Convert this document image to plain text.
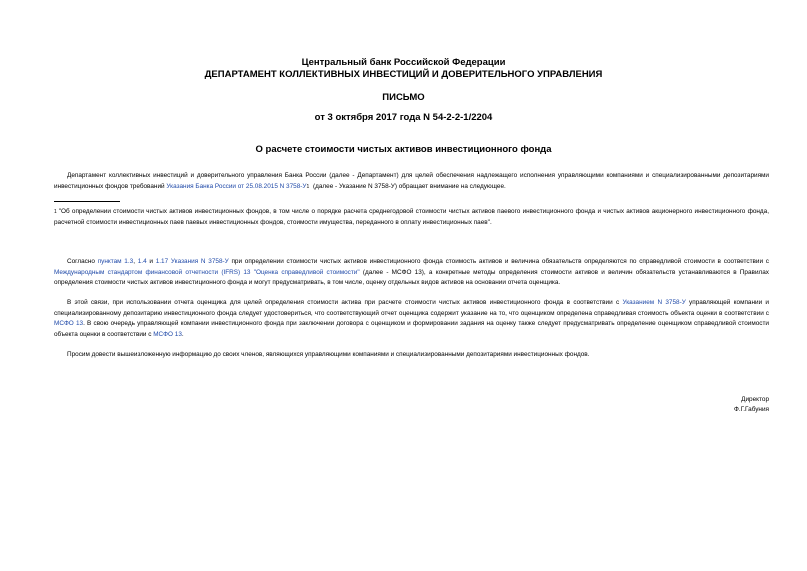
Центральный банк Российской Федерации
ДЕПАРТАМЕНТ КОЛЛЕКТИВНЫХ ИНВЕСТИЦИЙ И ДОВЕРИТЕЛЬНОГО УПРАВЛЕНИЯ
ПИСЬМО
от 3 октября 2017 года N 54-2-2-1/2204
О расчете стоимости чистых активов инвестиционного фонда
Департамент коллективных инвестиций и доверительного управления Банка России (далее - Департамент) для целей обеспечения надлежащего исполнения управляющими компаниями и специализированными депозитариями инвестиционных фондов требований Указания Банка России от 25.08.2015 N 3758-У$^1$ (далее - Указание N 3758-У) обращает внимание на следующее.
$^1$ "Об определении стоимости чистых активов инвестиционных фондов, в том числе о порядке расчета среднегодовой стоимости чистых активов паевого инвестиционного фонда и чистых активов акционерного инвестиционного фонда, расчетной стоимости инвестиционных паев паевых инвестиционных фондов, стоимости имущества, переданного в оплату инвестиционных паев".
Согласно пунктам 1.3, 1.4 и 1.17 Указания N 3758-У при определении стоимости чистых активов инвестиционного фонда стоимость активов и величина обязательств определяются по справедливой стоимости в соответствии с Международным стандартом финансовой отчетности (IFRS) 13 "Оценка справедливой стоимости" (далее - МСФО 13), а конкретные методы определения стоимости активов и величин обязательств устанавливаются в Правилах определения стоимости чистых активов инвестиционного фонда и могут предусматривать, в том числе, оценку отдельных видов активов на основании отчета оценщика.
В этой связи, при использовании отчета оценщика для целей определения стоимости актива при расчете стоимости чистых активов инвестиционного фонда в соответствии с Указанием N 3758-У управляющей компании и специализированному депозитарию инвестиционного фонда следует удостовериться, что соответствующий отчет оценщика содержит указание на то, что оценщиком определена справедливая стоимость объекта оценки в соответствии с МСФО 13. В свою очередь управляющей компании инвестиционного фонда при заключении договора с оценщиком и формировании задания на оценку также следует предусматривать определение оценщиком справедливой стоимости объекта оценки в соответствии с МСФО 13.
Просим довести вышеизложенную информацию до своих членов, являющихся управляющими компаниями и специализированными депозитариями инвестиционных фондов.
Директор
Ф.Г.Габуния
